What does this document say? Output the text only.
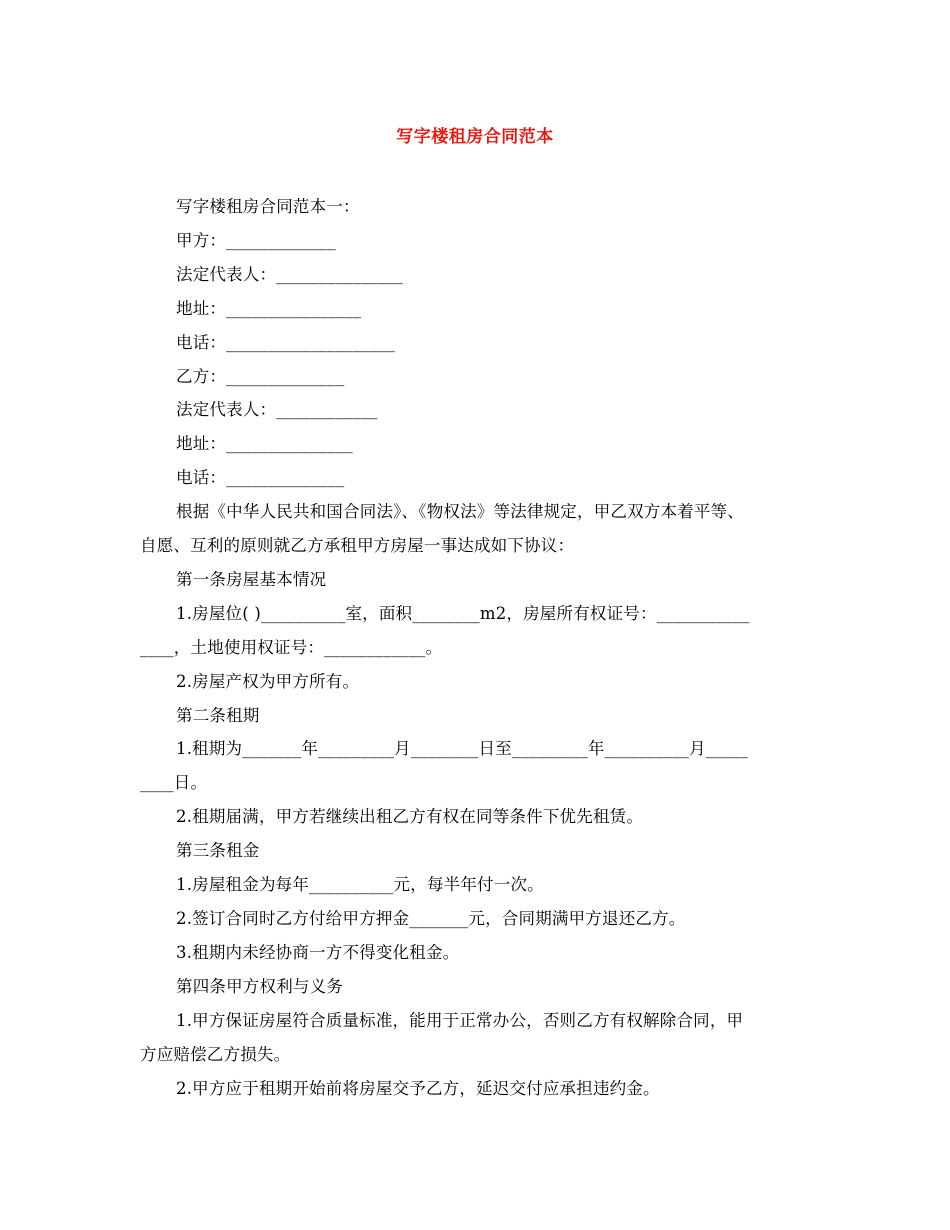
写字楼租房合同范本
写字楼租房合同范本一：
甲方：_____________
法定代表人：_______________
地址：________________
电话：____________________
乙方：______________
法定代表人：____________
地址：_______________
电话：______________
根据《中华人民共和国合同法》、《物权法》等法律规定，甲乙双方本着平等、
自愿、互利的原则就乙方承租甲方房屋一事达成如下协议：
第一条房屋基本情况
1.房屋位( )__________室，面积________m2，房屋所有权证号：___________
____，土地使用权证号：____________。
2.房屋产权为甲方所有。
第二条租期
1.租期为_______年_________月________日至_________年__________月_____
____日。
2.租期届满，甲方若继续出租乙方有权在同等条件下优先租赁。
第三条租金
1.房屋租金为每年__________元，每半年付一次。
2.签订合同时乙方付给甲方押金_______元，合同期满甲方退还乙方。
3.租期内未经协商一方不得变化租金。
第四条甲方权利与义务
1.甲方保证房屋符合质量标准，能用于正常办公，否则乙方有权解除合同，甲
方应赔偿乙方损失。
2.甲方应于租期开始前将房屋交予乙方，延迟交付应承担违约金。
